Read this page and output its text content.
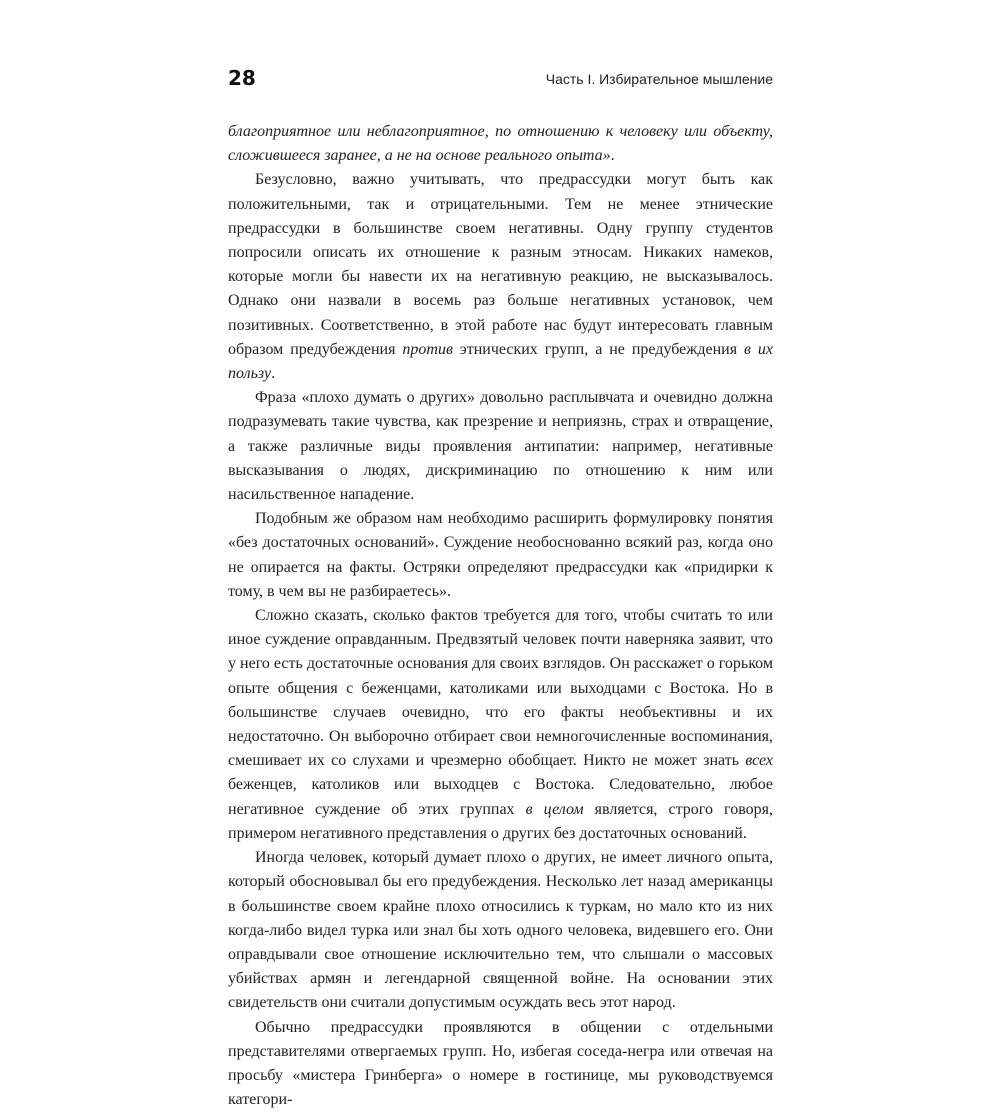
28	Часть I. Избирательное мышление

благоприятное или неблагоприятное, по отношению к человеку или объекту, сложившееся заранее, а не на основе реального опыта».

Безусловно, важно учитывать, что предрассудки могут быть как положительными, так и отрицательными. Тем не менее этнические предрассудки в большинстве своем негативны. Одну группу студентов попросили описать их отношение к разным этносам. Никаких намеков, которые могли бы навести их на негативную реакцию, не высказывалось. Однако они назвали в восемь раз больше негативных установок, чем позитивных. Соответственно, в этой работе нас будут интересовать главным образом предубеждения против этнических групп, а не предубеждения в их пользу.

Фраза «плохо думать о других» довольно расплывчата и очевидно должна подразумевать такие чувства, как презрение и неприязнь, страх и отвращение, а также различные виды проявления антипатии: например, негативные высказывания о людях, дискриминацию по отношению к ним или насильственное нападение.

Подобным же образом нам необходимо расширить формулировку понятия «без достаточных оснований». Суждение необоснованно всякий раз, когда оно не опирается на факты. Остряки определяют предрассудки как «придирки к тому, в чем вы не разбираетесь».

Сложно сказать, сколько фактов требуется для того, чтобы считать то или иное суждение оправданным. Предвзятый человек почти наверняка заявит, что у него есть достаточные основания для своих взглядов. Он расскажет о горьком опыте общения с беженцами, католиками или выходцами с Востока. Но в большинстве случаев очевидно, что его факты необъективны и их недостаточно. Он выборочно отбирает свои немногочисленные воспоминания, смешивает их со слухами и чрезмерно обобщает. Никто не может знать всех беженцев, католиков или выходцев с Востока. Следовательно, любое негативное суждение об этих группах в целом является, строго говоря, примером негативного представления о других без достаточных оснований.

Иногда человек, который думает плохо о других, не имеет личного опыта, который обосновывал бы его предубеждения. Несколько лет назад американцы в большинстве своем крайне плохо относились к туркам, но мало кто из них когда-либо видел турка или знал бы хоть одного человека, видевшего его. Они оправдывали свое отношение исключительно тем, что слышали о массовых убийствах армян и легендарной священной войне. На основании этих свидетельств они считали допустимым осуждать весь этот народ.

Обычно предрассудки проявляются в общении с отдельными представителями отвергаемых групп. Но, избегая соседа-негра или отвечая на просьбу «мистера Гринберга» о номере в гостинице, мы руководствуемся категори-
